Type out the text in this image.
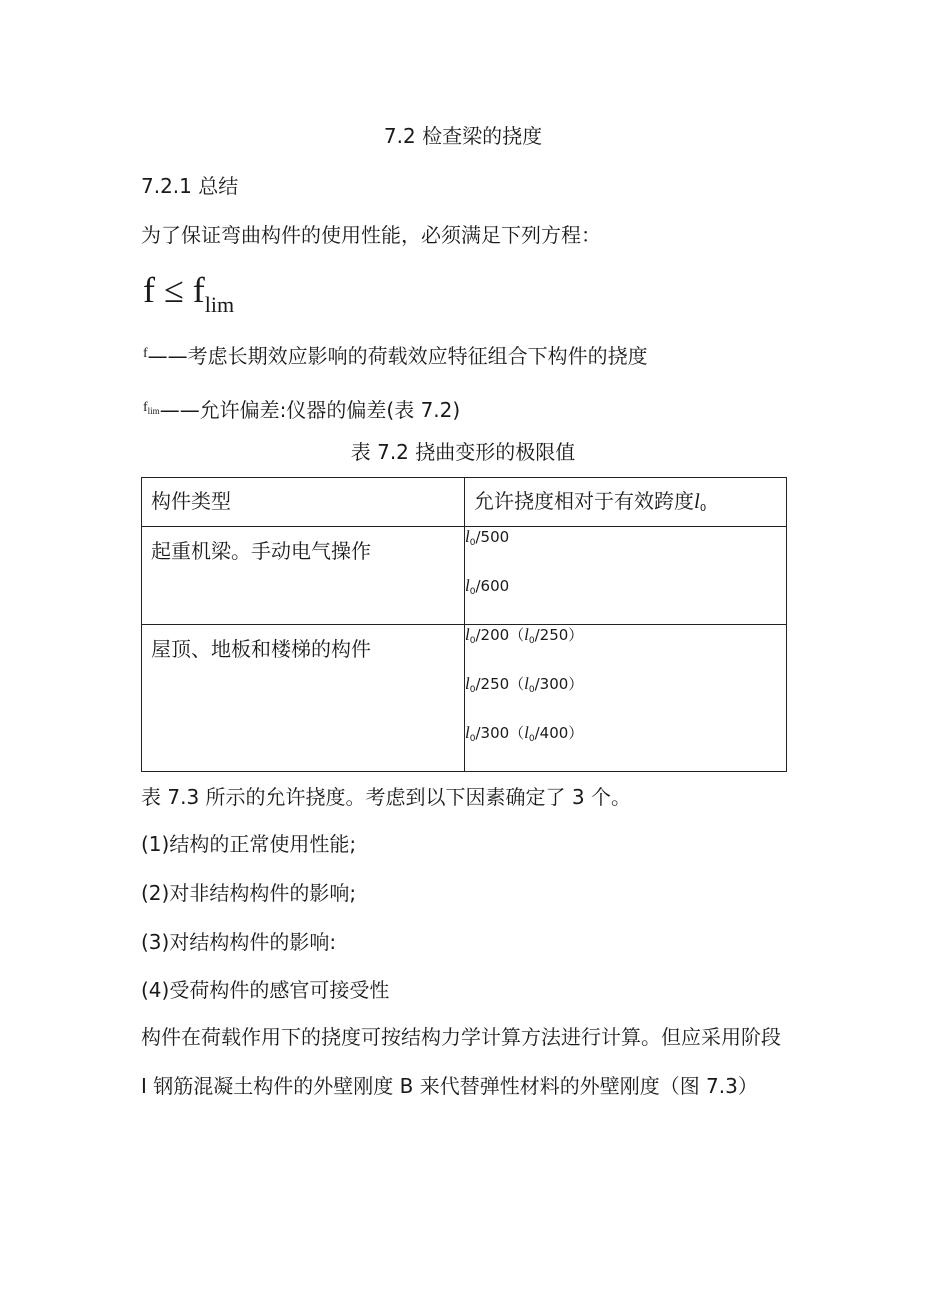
7.2 检查梁的挠度
7.2.1 总结
为了保证弯曲构件的使用性能，必须满足下列方程：
$f \le f_{lim}$
$^f$——考虑长期效应影响的荷载效应特征组合下构件的挠度
$^{f_{lim}}$——允许偏差:仪器的偏差(表 7.2)
表 7.2 挠曲变形的极限值
构件类型	允许挠度相对于有效跨度l0

起重机梁。手动电气操作	$l_0/500$
$l_0/600$

屋顶、地板和楼梯的构件	$l_0/200(l_0/250)$
$l_0/250(l_0/300)$
$l_0/300(l_0/400)$
表 7.3 所示的允许挠度。考虑到以下因素确定了 3 个。
(1)结构的正常使用性能;
(2)对非结构构件的影响;
(3)对结构构件的影响:
(4)受荷构件的感官可接受性
构件在荷载作用下的挠度可按结构力学计算方法进行计算。但应采用阶段 Ⅰ 钢筋混凝土构件的外壁刚度 B 来代替弹性材料的外壁刚度（图 7.3）
